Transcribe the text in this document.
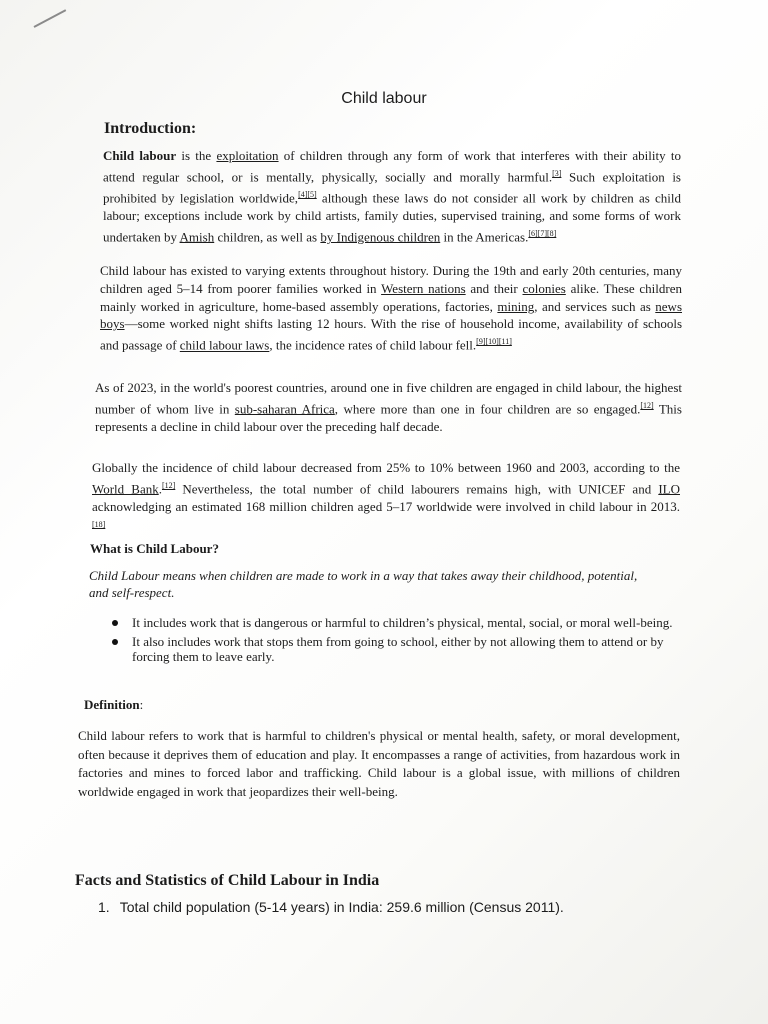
Child labour
Introduction:

Child labour is the exploitation of children through any form of work that interferes with their ability to attend regular school, or is mentally, physically, socially and morally harmful.[3] Such exploitation is prohibited by legislation worldwide,[4][5] although these laws do not consider all work by children as child labour; exceptions include work by child artists, family duties, supervised training, and some forms of work undertaken by Amish children, as well as by Indigenous children in the Americas.[6][7][8]

Child labour has existed to varying extents throughout history. During the 19th and early 20th centuries, many children aged 5–14 from poorer families worked in Western nations and their colonies alike. These children mainly worked in agriculture, home-based assembly operations, factories, mining, and services such as news boys—some worked night shifts lasting 12 hours. With the rise of household income, availability of schools and passage of child labour laws, the incidence rates of child labour fell.[9][10][11]

As of 2023, in the world's poorest countries, around one in five children are engaged in child labour, the highest number of whom live in sub-saharan Africa, where more than one in four children are so engaged.[12] This represents a decline in child labour over the preceding half decade.

Globally the incidence of child labour decreased from 25% to 10% between 1960 and 2003, according to the World Bank.[12] Nevertheless, the total number of child labourers remains high, with UNICEF and ILO acknowledging an estimated 168 million children aged 5–17 worldwide were involved in child labour in 2013.[18]

What is Child Labour?
Child Labour means when children are made to work in a way that takes away their childhood, potential, and self-respect.
It includes work that is dangerous or harmful to children’s physical, mental, social, or moral well-being.
It also includes work that stops them from going to school, either by not allowing them to attend or by forcing them to leave early.
Definition:

Child labour refers to work that is harmful to children's physical or mental health, safety, or moral development, often because it deprives them of education and play. It encompasses a range of activities, from hazardous work in factories and mines to forced labor and trafficking. Child labour is a global issue, with millions of children worldwide engaged in work that jeopardizes their well-being.

Facts and Statistics of Child Labour in India
1. Total child population (5-14 years) in India: 259.6 million (Census 2011).
